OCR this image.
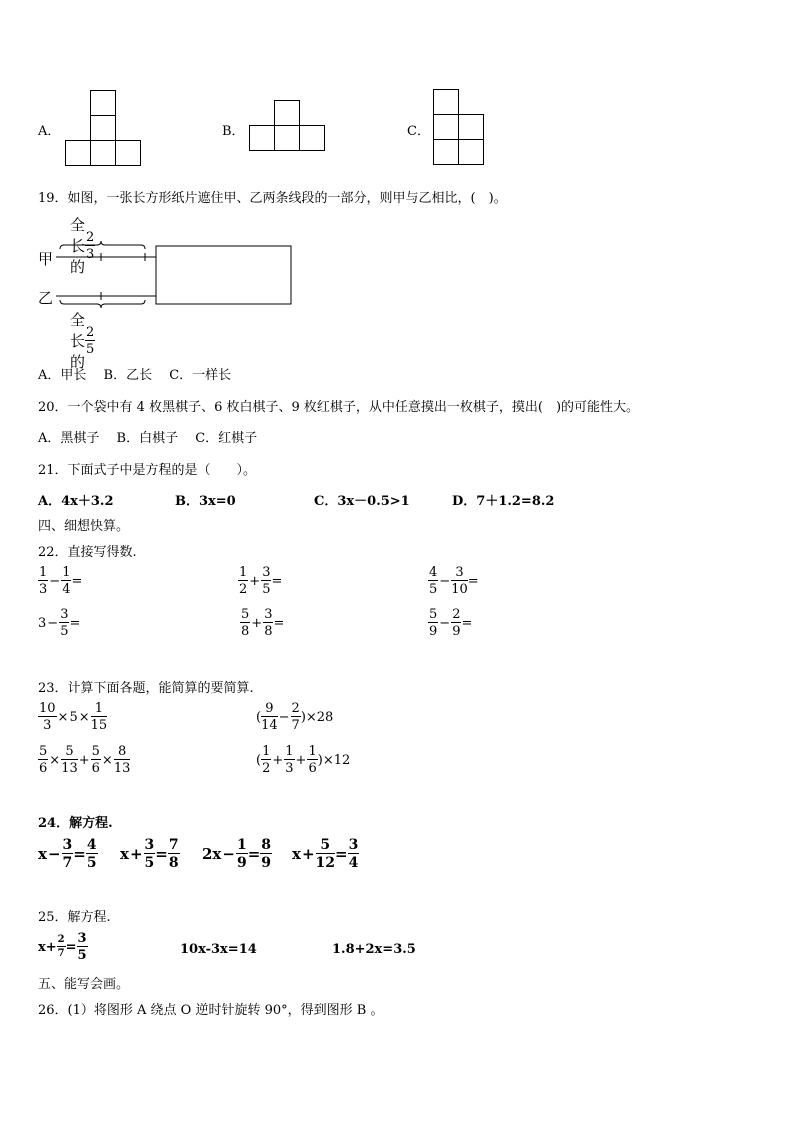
A．	B．	C．
19．如图，一张长方形纸片遮住甲、乙两条线段的一部分，则甲与乙相比，(　)。
全长的
$\frac{2}{3}$
甲
乙
全长的
$\frac{2}{5}$
A．甲长　 B．乙长　 C．一样长
20．一个袋中有 4 枚黑棋子、6 枚白棋子、9 枚红棋子，从中任意摸出一枚棋子，摸出(　)的可能性大。
A．黑棋子　 B．白棋子　 C．红棋子
21．下面式子中是方程的是（　　）。
A．4x＋3.2	B．3x=0	C．3x－0.5>1	D．7＋1.2=8.2
四、细想快算。
22．直接写得数.
$\frac{1}{3} - \frac{1}{4}$ =	$\frac{1}{2} + \frac{3}{5}$ =	$\frac{4}{5} - \frac{3}{10}$ =
$3 - \frac{3}{5}$ =	$\frac{5}{8} + \frac{3}{8}$ =	$\frac{5}{9} - \frac{2}{9}$ =
23．计算下面各题，能简算的要简算.
$\frac{10}{3} \times 5 \times \frac{1}{15}$	( $\frac{9}{14} - \frac{2}{7}$ ) ×28
$\frac{5}{6} \times \frac{5}{13} + \frac{5}{6} \times \frac{8}{13}$	( $\frac{1}{2} + \frac{1}{3} + \frac{1}{6}$ ) ×12
24．解方程.
$x - \frac{3}{7} = \frac{4}{5}$ $x + \frac{3}{5} = \frac{7}{8} 2x - \frac{1}{9} = \frac{8}{9}$ $x + \frac{5}{12} = \frac{3}{4}$
25．解方程.
$x+ \frac{2}{7} = \frac{3}{5}$	10x-3x=14	1.8+2x=3.5
五、能写会画。
26．(1）将图形 A 绕点 O 逆时针旋转 90°，得到图形 B 。
